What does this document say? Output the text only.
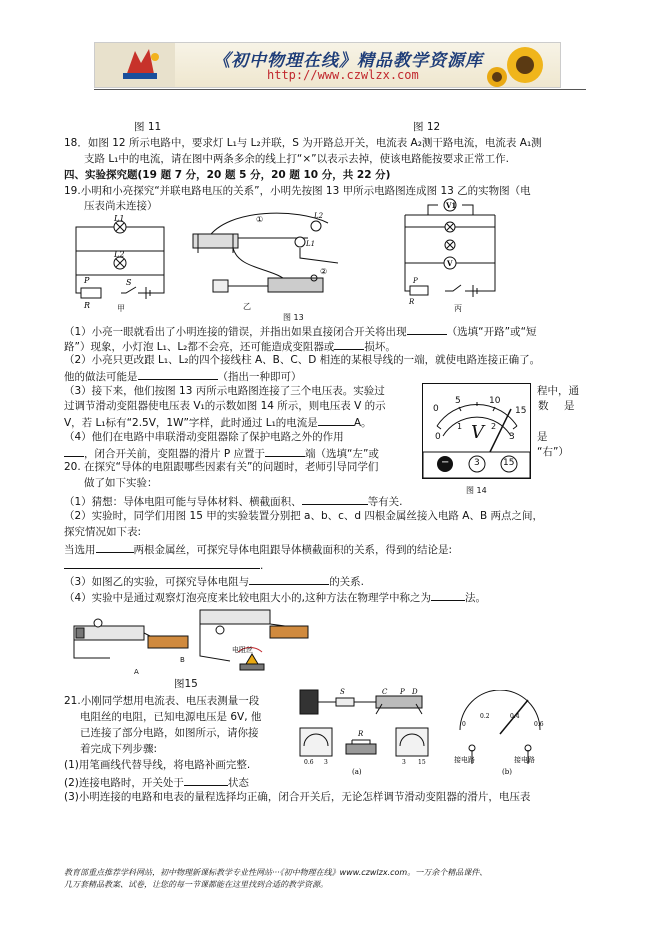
《初中物理在线》精品教学资源库
http://www.czwlzx.com
图 11	图 12
18．如图 12 所示电路中，要求灯 L₁与 L₂并联，S 为开路总开关，电流表 A₂测干路电流，电流表 A₁测
支路 L₁中的电流，请在图中两条多余的线上打“×”以表示去掉，使该电路能按要求正常工作.
四、实验探究题(19 题 7 分，20 题 5 分，20 题 10 分，共 22 分)
19.小明和小亮探究“并联电路电压的关系”，小明先按图 13 甲所示电路图连成图 13 乙的实物图（电
压表尚未连接）
L1
L2
P
R
S
甲
①
②
L2
L1
乙
图 13
V1
V
P
R
丙
（1）小亮一眼就看出了小明连接的错误，并指出如果直接闭合开关将出现	（选填“开路”或“短
路”）现象，小灯泡 L₁、L₂都不会亮，还可能造成变阻器或	损坏。
（2）小亮只更改跟 L₁、L₂的四个接线柱 A、B、C、D 相连的某根导线的一端，就使电路连接正确了。
他的做法可能是	（指出一种即可）
（3）接下来，他们按图 13 丙所示电路图连接了三个电压表。实验过	程中，通
过调节滑动变阻器使电压表 V₁的示数如图 14 所示，则电压表 V 的示	数 是
V，若 L₁标有“2.5V，1W”字样，此时通过 L₁的电流是	A。
（4）他们在电路中串联滑动变阻器除了保护电路之外的作用	是
，闭合开关前，变阻器的滑片 P 应置于	端（选填“左”或	“右”）
0
5	10
15
0
1	2
3
V
−	3	15
图 14
20. 在探究“导体的电阻跟哪些因素有关”的问题时，老师引导同学们
做了如下实验：
（1）猜想：导体电阻可能与导体材料、横截面积、	等有关.
（2）实验时，同学们用图 15 甲的实验装置分别把 a、b、c、d 四根金属丝接入电路 A、B 两点之间，
探究情况如下表:
当选用	两根金属丝，可探究导体电阻跟导体横截面积的关系，得到的结论是:
.
（3）如图乙的实验，可探究导体电阻与	的关系.
（4）实验中是通过观察灯泡亮度来比较电阻大小的,这种方法在物理学中称之为	法。
A
B
电阻丝
图15
21.小刚同学想用电流表、电压表测量一段
电阻丝的电阻，已知电源电压是 6V, 他
已连接了部分电路，如图所示，请你接
着完成下列步骤:
(1)用笔画线代替导线，将电路补画完整.
(2)连接电路时，开关处于	状态
(3)小明连接的电路和电表的量程选择均正确，闭合开关后，无论怎样调节滑动变阻器的滑片，电压表
S	C P D
R
0.6 3	3 15
(a)
0
0.2	0.4
0.6
接电路	接电路
(b)
教育部重点推荐学科网站，初中物理新课标教学专业性网站···《初中物理在线》www.czwlzx.com。一万余个精品课件、
几万套精品教案、试卷，让您的每一节课都能在这里找到合适的教学资源。
